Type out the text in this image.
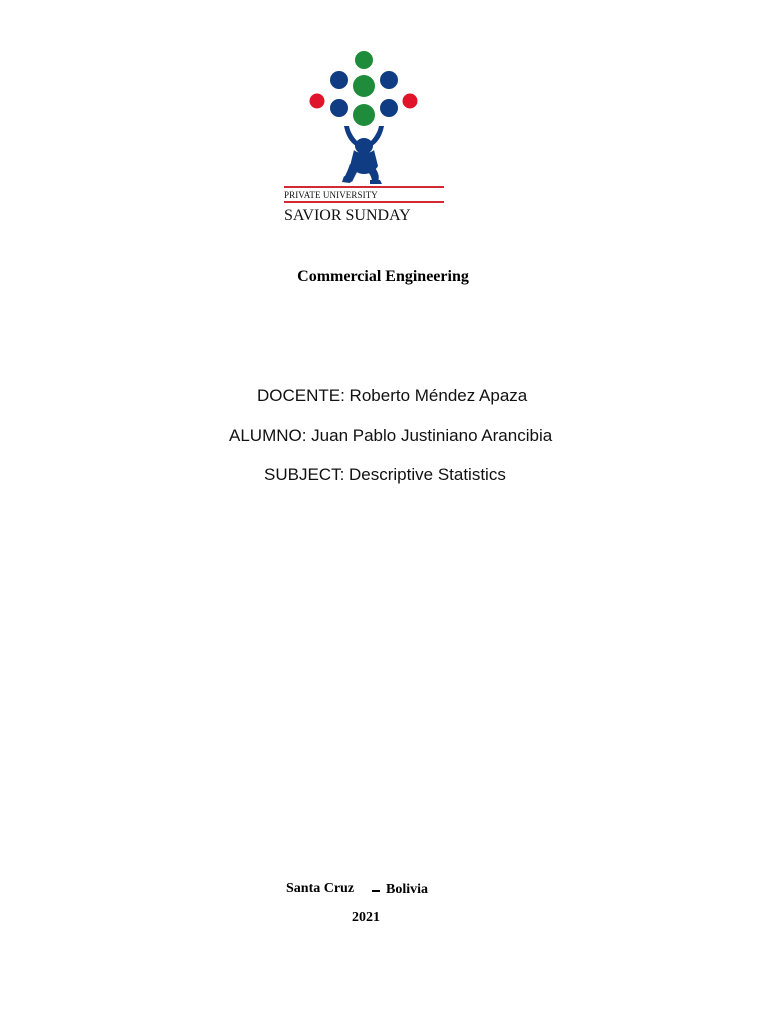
PRIVATE UNIVERSITY
SAVIOR SUNDAY
Commercial Engineering
DOCENTE: Roberto Méndez Apaza
ALUMNO: Juan Pablo Justiniano Arancibia
SUBJECT: Descriptive Statistics
Santa Cruz Bolivia
2021
